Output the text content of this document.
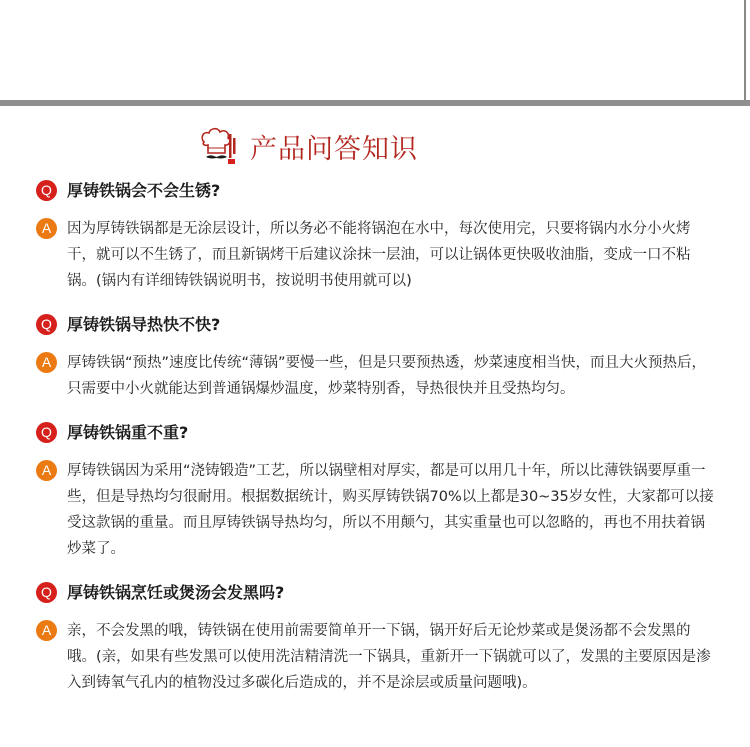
产品问答知识
Q 厚铸铁锅会不会生锈?
A	因为厚铸铁锅都是无涂层设计，所以务必不能将锅泡在水中，每次使用完，只要将锅内水分小火烤干，就可以不生锈了，而且新锅烤干后建议涂抹一层油，可以让锅体更快吸收油脂，变成一口不粘锅。(锅内有详细铸铁锅说明书，按说明书使用就可以)
Q 厚铸铁锅导热快不快?
A	厚铸铁锅“预热”速度比传统“薄锅”要慢一些，但是只要预热透，炒菜速度相当快，而且大火预热后，只需要中小火就能达到普通锅爆炒温度，炒菜特别香，导热很快并且受热均匀。
Q 厚铸铁锅重不重?
A	厚铸铁锅因为采用“浇铸锻造”工艺，所以锅壁相对厚实，都是可以用几十年，所以比薄铁锅要厚重一些，但是导热均匀很耐用。根据数据统计，购买厚铸铁锅70%以上都是30~35岁女性，大家都可以接受这款锅的重量。而且厚铸铁锅导热均匀，所以不用颠勺，其实重量也可以忽略的，再也不用扶着锅炒菜了。
Q 厚铸铁锅烹饪或煲汤会发黑吗?
A	亲，不会发黑的哦，铸铁锅在使用前需要简单开一下锅，锅开好后无论炒菜或是煲汤都不会发黑的哦。(亲，如果有些发黑可以使用洗洁精清洗一下锅具，重新开一下锅就可以了，发黑的主要原因是渗入到铸氧气孔内的植物没过多碳化后造成的，并不是涂层或质量问题哦)。
